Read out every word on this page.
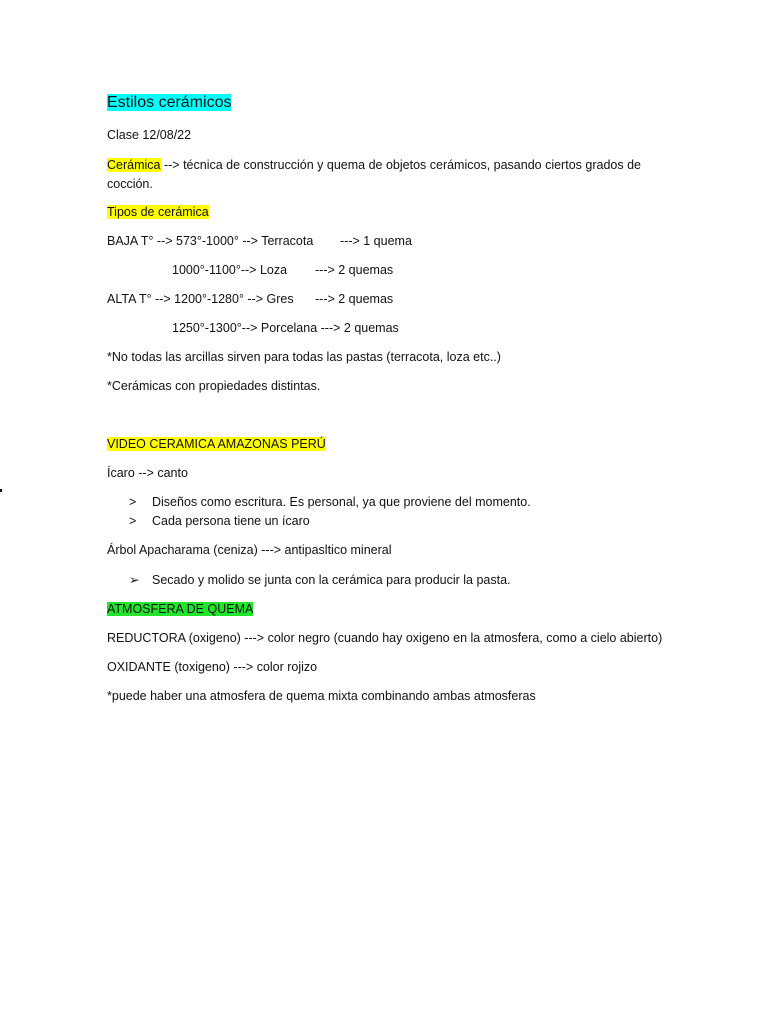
Estilos cerámicos
Clase 12/08/22
Cerámica --> técnica de construcción y quema de objetos cerámicos, pasando ciertos grados de cocción.
Tipos de cerámica
BAJA T° --> 573°-1000° --> Terracota ---> 1 quema
1000°-1100°--> Loza ---> 2 quemas
ALTA T° --> 1200°-1280° --> Gres ---> 2 quemas
1250°-1300°--> Porcelana ---> 2 quemas
*No todas las arcillas sirven para todas las pastas (terracota, loza etc..)
*Cerámicas con propiedades distintas.
VIDEO CERAMICA AMAZONAS PERÚ
Ícaro --> canto
> Diseños como escritura. Es personal, ya que proviene del momento.
> Cada persona tiene un ícaro
Árbol Apacharama (ceniza) ---> antipasltico mineral
➢ Secado y molido se junta con la cerámica para producir la pasta.
ATMOSFERA DE QUEMA
REDUCTORA (oxigeno) ---> color negro (cuando hay oxigeno en la atmosfera, como a cielo abierto)
OXIDANTE (toxigeno) ---> color rojizo
*puede haber una atmosfera de quema mixta combinando ambas atmosferas
